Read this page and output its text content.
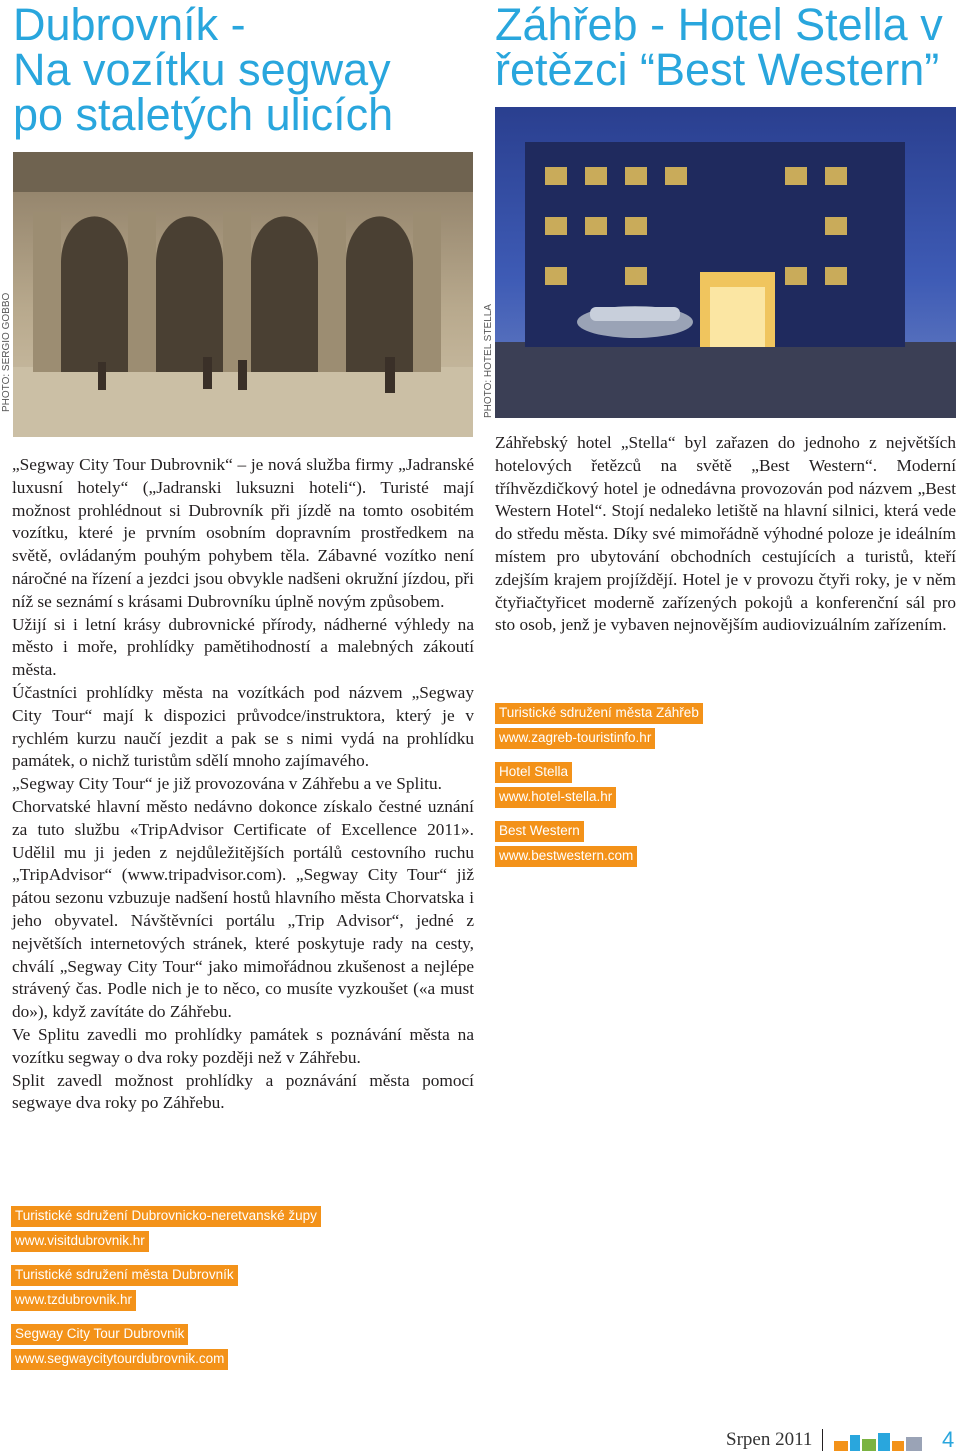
Dubrovník -
Na vozítku segway
po staletých ulicích
Záhřeb - Hotel Stella v
řetězci “Best Western”
PHOTO: SERGIO GOBBO	PHOTO: HOTEL STELLA

„Segway City Tour Dubrovnik“ – je nová služba firmy „Jadranské luxusní hotely“ („Jadranski luksuzni hoteli“). Turisté mají možnost prohlédnout si Dubrovník při jízdě na tomto osobitém vozítku, které je prvním osobním dopravním prostředkem na světě, ovládaným pouhým pohybem těla. Zábavné vozítko není náročné na řízení a jezdci jsou obvykle nadšeni okružní jízdou, při níž se seznámí s krásami Dubrovníku úplně novým způsobem.

Užijí si i letní krásy dubrovnické přírody, nádherné výhledy na město i moře, prohlídky pamětihodností a malebných zákoutí města.

Účastníci prohlídky města na vozítkách pod názvem „Segway City Tour“ mají k dispozici průvodce/instruktora, který je v rychlém kurzu naučí jezdit a pak se s nimi vydá na prohlídku památek, o nichž turistům sdělí mnoho zajímavého.

„Segway City Tour“ je již provozována v Záhřebu a ve Splitu.

Chorvatské hlavní město nedávno dokonce získalo čestné uznání za tuto službu «TripAdvisor Certificate of Excellence 2011». Udělil mu ji jeden z nejdůležitějších portálů cestovního ruchu „TripAdvisor“ (www.tripadvisor.com). „Segway City Tour“ již pátou sezonu vzbuzuje nadšení hostů hlavního města Chorvatska i jeho obyvatel. Návštěvníci portálu „Trip Advisor“, jedné z největších internetových stránek, které poskytuje rady na cesty, chválí „Segway City Tour“ jako mimořádnou zkušenost a nejlépe strávený čas. Podle nich je to něco, co musíte vyzkoušet («a must do»), když zavítáte do Záhřebu.

Ve Splitu zavedli mo prohlídky památek s poznávání města na vozítku segway o dva roky později než v Záhřebu.

Split zavedl možnost prohlídky a poznávání města pomocí segwaye dva roky po Záhřebu.

Záhřebský hotel „Stella“ byl zařazen do jednoho z největších hotelových řetězců na světě „Best Western“. Moderní tříhvězdičkový hotel je odnedávna provozován pod názvem „Best Western Hotel“. Stojí nedaleko letiště na hlavní silnici, která vede do středu města. Díky své mimořádně výhodné poloze je ideálním místem pro ubytování obchodních cestujících a turistů, kteří zdejším krajem projíždějí. Hotel je v provozu čtyři roky, je v něm čtyřiačtyřicet moderně zařízených pokojů a konferenční sál pro sto osob, jenž je vybaven nejnovějším audiovizuálním zařízením.

Turistické sdružení města Záhřeb
www.zagreb-touristinfo.hr
Hotel Stella
www.hotel-stella.hr
Best Western
www.bestwestern.com
Turistické sdružení Dubrovnicko-neretvanské župy
www.visitdubrovnik.hr
Turistické sdružení města Dubrovník
www.tzdubrovnik.hr
Segway City Tour Dubrovnik
www.segwaycitytourdubrovnik.com
Srpen 2011	4
